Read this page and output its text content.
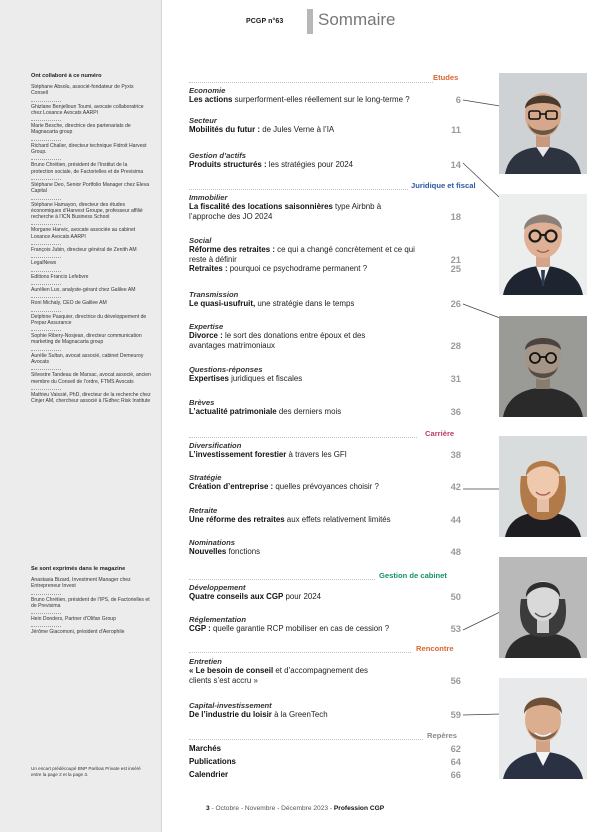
Ont collaboré à ce numéro
Stéphane Absolu, associé-fondateur de Pyxis Conseil
Ghizlane Benjelloun Toumi, avocate collaboratrice chez Loxance Avocats AARPI
Marie Besche, directrice des partenariats de Magnacarta group
Richard Chalier, directeur technique Fidroit Harvest Group.
Bruno Chrétien, président de l’Institut de la protection sociale, de Factorielles et de Previsima
Stéphane Deo, Senior Portfolio Manager chez Eleva Capital
Stéphane Hamayon, directeur des études économiques d’Harvest Groupe, professeur affilié recherche à l’ICN Business School
Morgane Hanvic, avocate associée au cabinet Loxance Avocats AARPI
François Jubin, directeur général de Zenith AM
LegalNews
Editions Francis Lefebvre
Aurélien Lux, analyste-gérant chez Galilee AM
Roni Michaly, CEO de Galilee AM
Delphine Pasquier, directrice du développement de Prepar Assurance
Sophie Ribery-Nosjean, directeur communication marketing de Magnacarta group
Aurélie Sultan, avocat associé, cabinet Demeuroy Avocats
Silvestre Tandeau de Marsac, avocat associé, ancien membre du Conseil de l’ordre, FTMS Avocats
Mathieu Vaissié, PhD, directeur de la recherche chez Cinjer AM, chercheur associé à l’Edhec Risk Institute
Se sont exprimés dans le magazine
Anastasia Bizard, Investment Manager chez Entrepreneur Invest
Bruno Chrétien, président de l’IPS, de Factorielles et de Previsima
Hein Donders, Partner d’Olifan Group
Jérôme Giacomoni, président d’Aerophile
Un encart prédécoupé BNP Paribas Private est inséré entre la page 2 et la page 3.
PCGP n°63 Sommaire
Etudes
Juridique et fiscal
Carrière
Gestion de cabinet
Rencontre
Repères
Economie
Les actions surperforment-elles réellement sur le long-terme ?	6
Secteur
Mobilités du futur : de Jules Verne à l’IA	11
Gestion d’actifs
Produits structurés : les stratégies pour 2024	14
Immobilier
La fiscalité des locations saisonnières type Airbnb à l’approche des JO 2024	18
Social
Réforme des retraites : ce qui a changé concrètement et ce qui reste à définir	21
Retraites : pourquoi ce psychodrame permanent ?	25
Transmission
Le quasi-usufruit, une stratégie dans le temps	26
Expertise
Divorce : le sort des donations entre époux et des avantages matrimoniaux	28
Questions-réponses
Expertises juridiques et fiscales	31
Brèves
L’actualité patrimoniale des derniers mois	36
Diversification
L’investissement forestier à travers les GFI	38
Stratégie
Création d’entreprise : quelles prévoyances choisir ?	42
Retraite
Une réforme des retraites aux effets relativement limités	44
Nominations
Nouvelles fonctions	48
Développement
Quatre conseils aux CGP pour 2024	50
Réglementation
CGP : quelle garantie RCP mobiliser en cas de cession ?	53
Entretien
« Le besoin de conseil et d’accompagnement des clients s’est accru »	56
Capital-investissement
De l’industrie du loisir à la GreenTech	59
Marchés	62
Publications	64
Calendrier	66
3 - Octobre - Novembre - Décembre 2023 - Profession CGP
